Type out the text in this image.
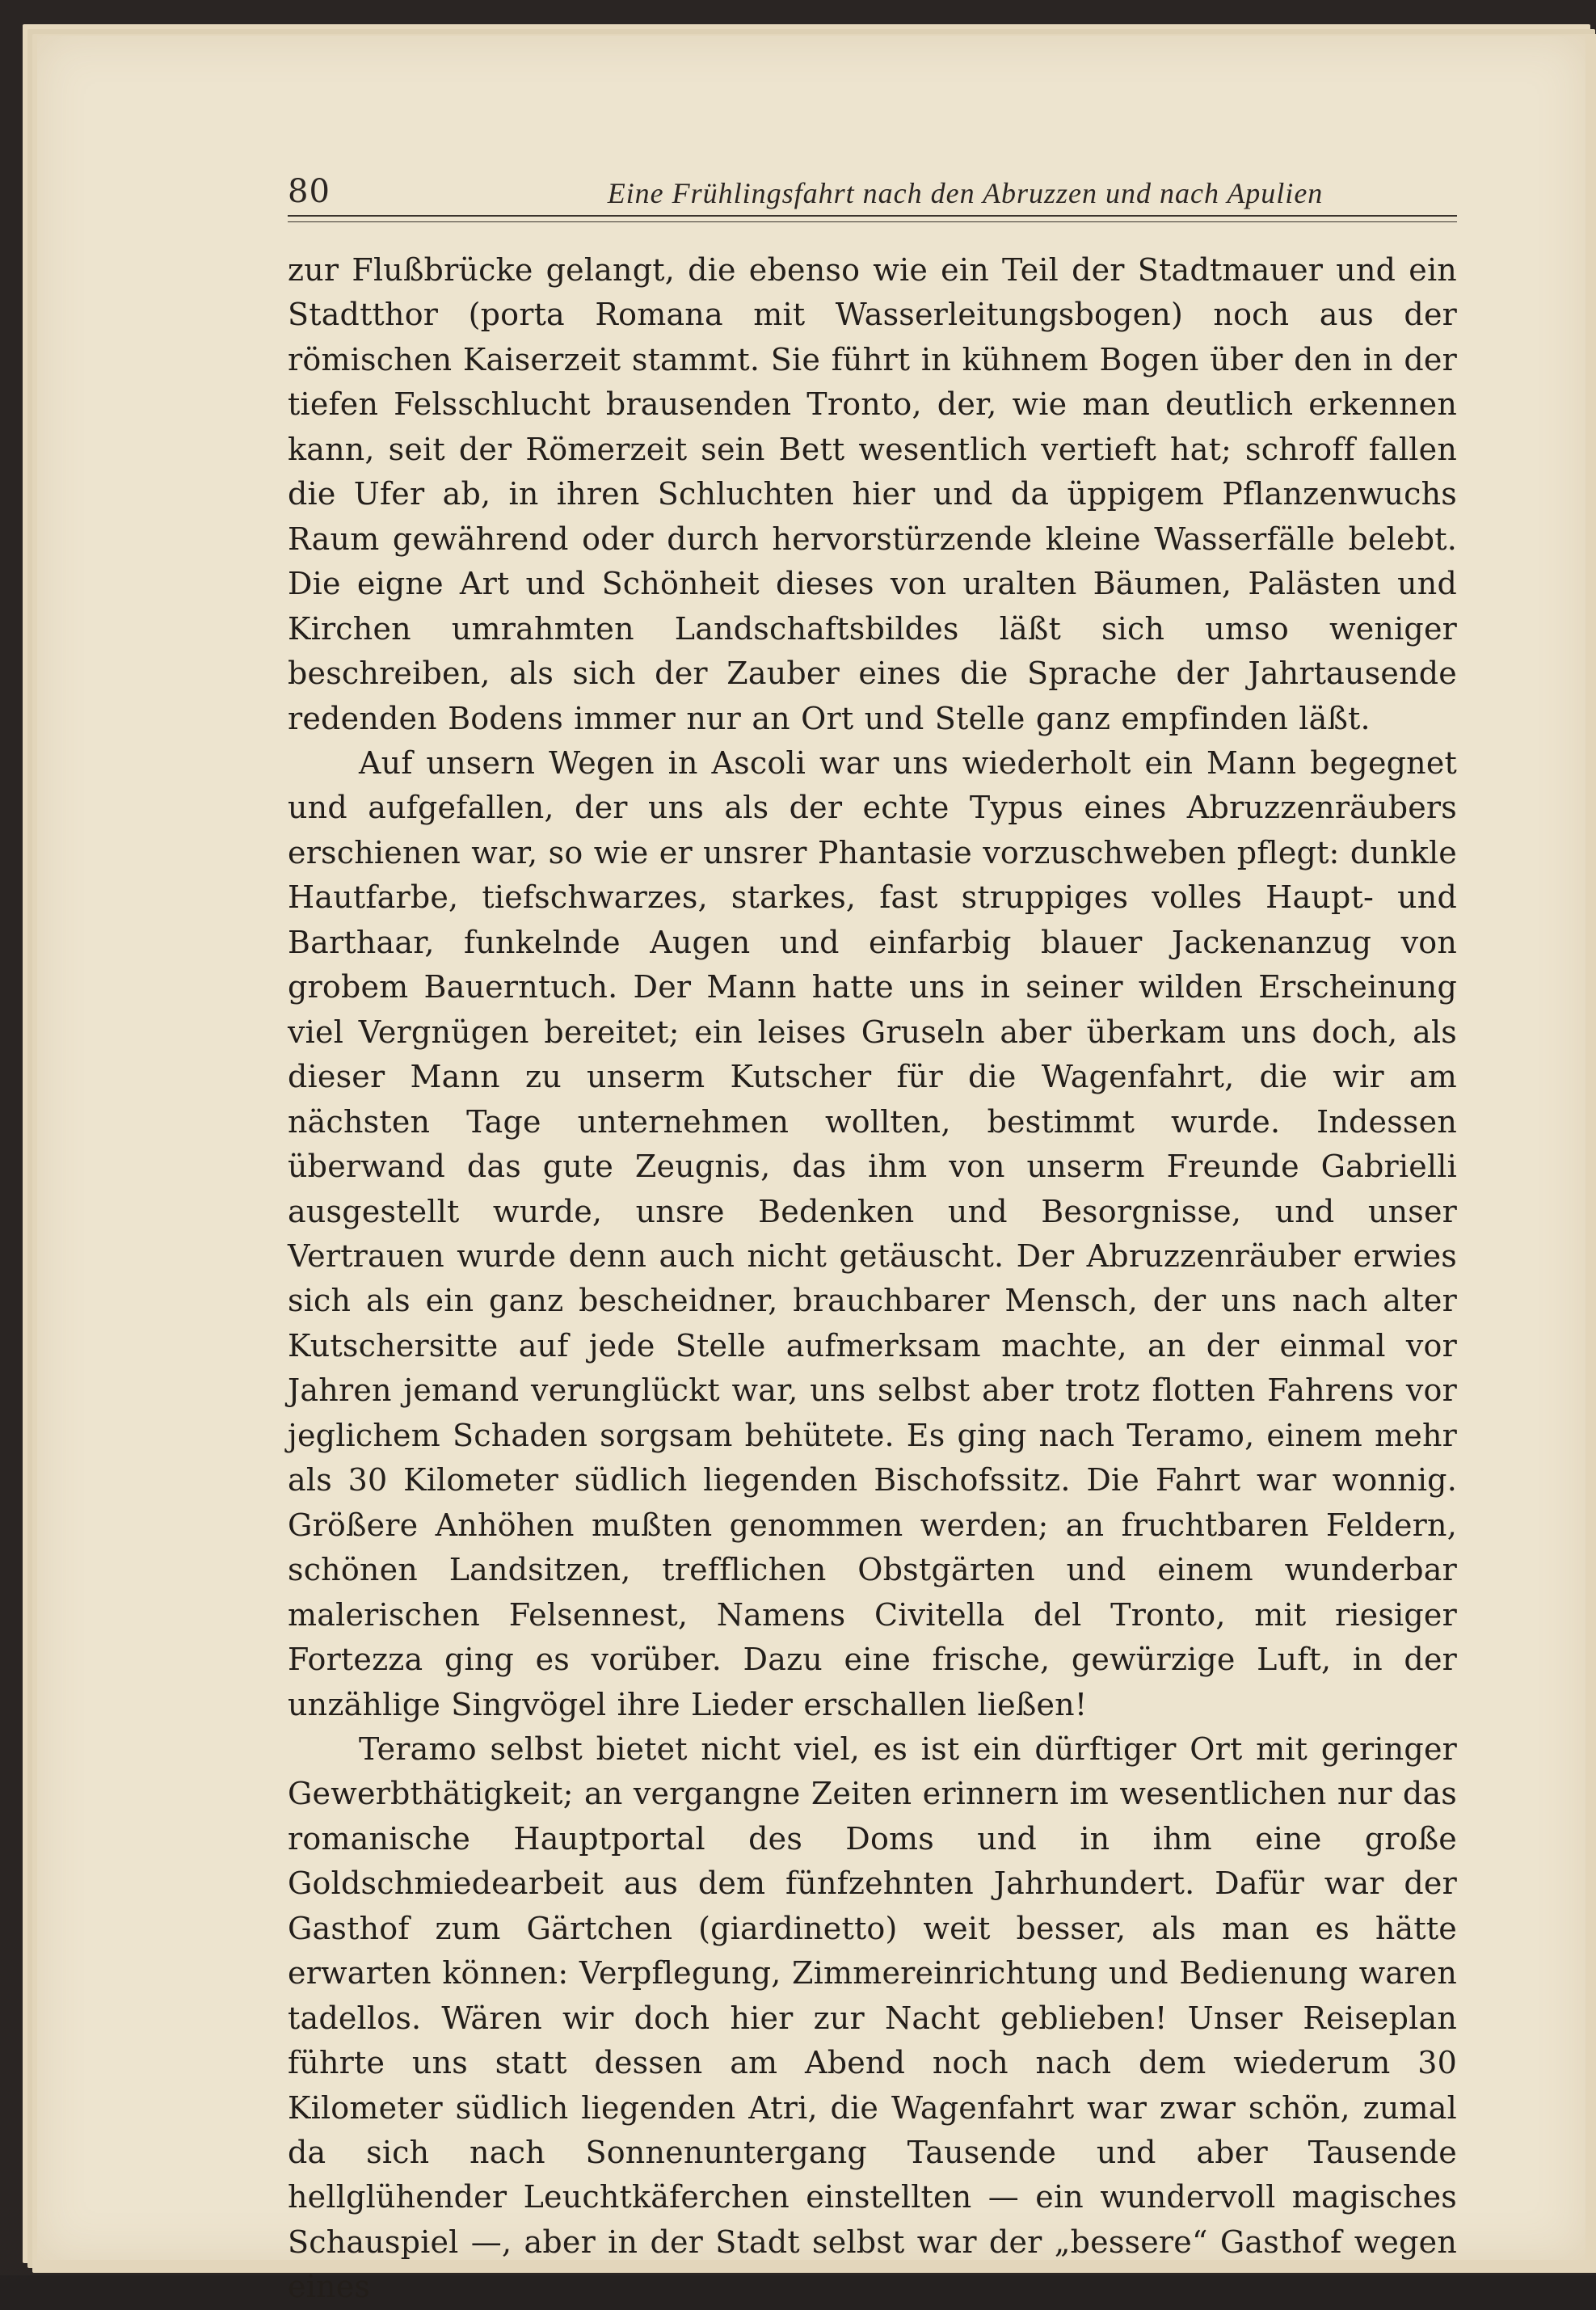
80	Eine Frühlingsfahrt nach den Abruzzen und nach Apulien

zur Flußbrücke gelangt, die ebenso wie ein Teil der Stadtmauer und ein Stadtthor (porta Romana mit Wasserleitungsbogen) noch aus der römischen Kaiserzeit stammt. Sie führt in kühnem Bogen über den in der tiefen Felsschlucht brausenden Tronto, der, wie man deutlich erkennen kann, seit der Römerzeit sein Bett wesentlich vertieft hat; schroff fallen die Ufer ab, in ihren Schluchten hier und da üppigem Pflanzenwuchs Raum gewährend oder durch hervorstürzende kleine Wasserfälle belebt. Die eigne Art und Schönheit dieses von uralten Bäumen, Palästen und Kirchen umrahmten Landschaftsbildes läßt sich umso weniger beschreiben, als sich der Zauber eines die Sprache der Jahrtausende redenden Bodens immer nur an Ort und Stelle ganz empfinden läßt.

Auf unsern Wegen in Ascoli war uns wiederholt ein Mann begegnet und aufgefallen, der uns als der echte Typus eines Abruzzenräubers erschienen war, so wie er unsrer Phantasie vorzuschweben pflegt: dunkle Hautfarbe, tiefschwarzes, starkes, fast struppiges volles Haupt- und Barthaar, funkelnde Augen und einfarbig blauer Jackenanzug von grobem Bauerntuch. Der Mann hatte uns in seiner wilden Erscheinung viel Vergnügen bereitet; ein leises Gruseln aber überkam uns doch, als dieser Mann zu unserm Kutscher für die Wagenfahrt, die wir am nächsten Tage unternehmen wollten, bestimmt wurde. Indessen überwand das gute Zeugnis, das ihm von unserm Freunde Gabrielli ausgestellt wurde, unsre Bedenken und Besorgnisse, und unser Vertrauen wurde denn auch nicht getäuscht. Der Abruzzenräuber erwies sich als ein ganz bescheidner, brauchbarer Mensch, der uns nach alter Kutschersitte auf jede Stelle aufmerksam machte, an der einmal vor Jahren jemand verunglückt war, uns selbst aber trotz flotten Fahrens vor jeglichem Schaden sorgsam behütete. Es ging nach Teramo, einem mehr als 30 Kilometer südlich liegenden Bischofssitz. Die Fahrt war wonnig. Größere Anhöhen mußten genommen werden; an fruchtbaren Feldern, schönen Landsitzen, trefflichen Obstgärten und einem wunderbar malerischen Felsennest, Namens Civitella del Tronto, mit riesiger Fortezza ging es vorüber. Dazu eine frische, gewürzige Luft, in der unzählige Singvögel ihre Lieder erschallen ließen!

Teramo selbst bietet nicht viel, es ist ein dürftiger Ort mit geringer Gewerbthätigkeit; an vergangne Zeiten erinnern im wesentlichen nur das romanische Hauptportal des Doms und in ihm eine große Goldschmiedearbeit aus dem fünfzehnten Jahrhundert. Dafür war der Gasthof zum Gärtchen (giardinetto) weit besser, als man es hätte erwarten können: Verpflegung, Zimmereinrichtung und Bedienung waren tadellos. Wären wir doch hier zur Nacht geblieben! Unser Reiseplan führte uns statt dessen am Abend noch nach dem wiederum 30 Kilometer südlich liegenden Atri, die Wagenfahrt war zwar schön, zumal da sich nach Sonnenuntergang Tausende und aber Tausende hellglühender Leuchtkäferchen einstellten — ein wundervoll magisches Schauspiel —, aber in der Stadt selbst war der „bessere“ Gasthof wegen eines
